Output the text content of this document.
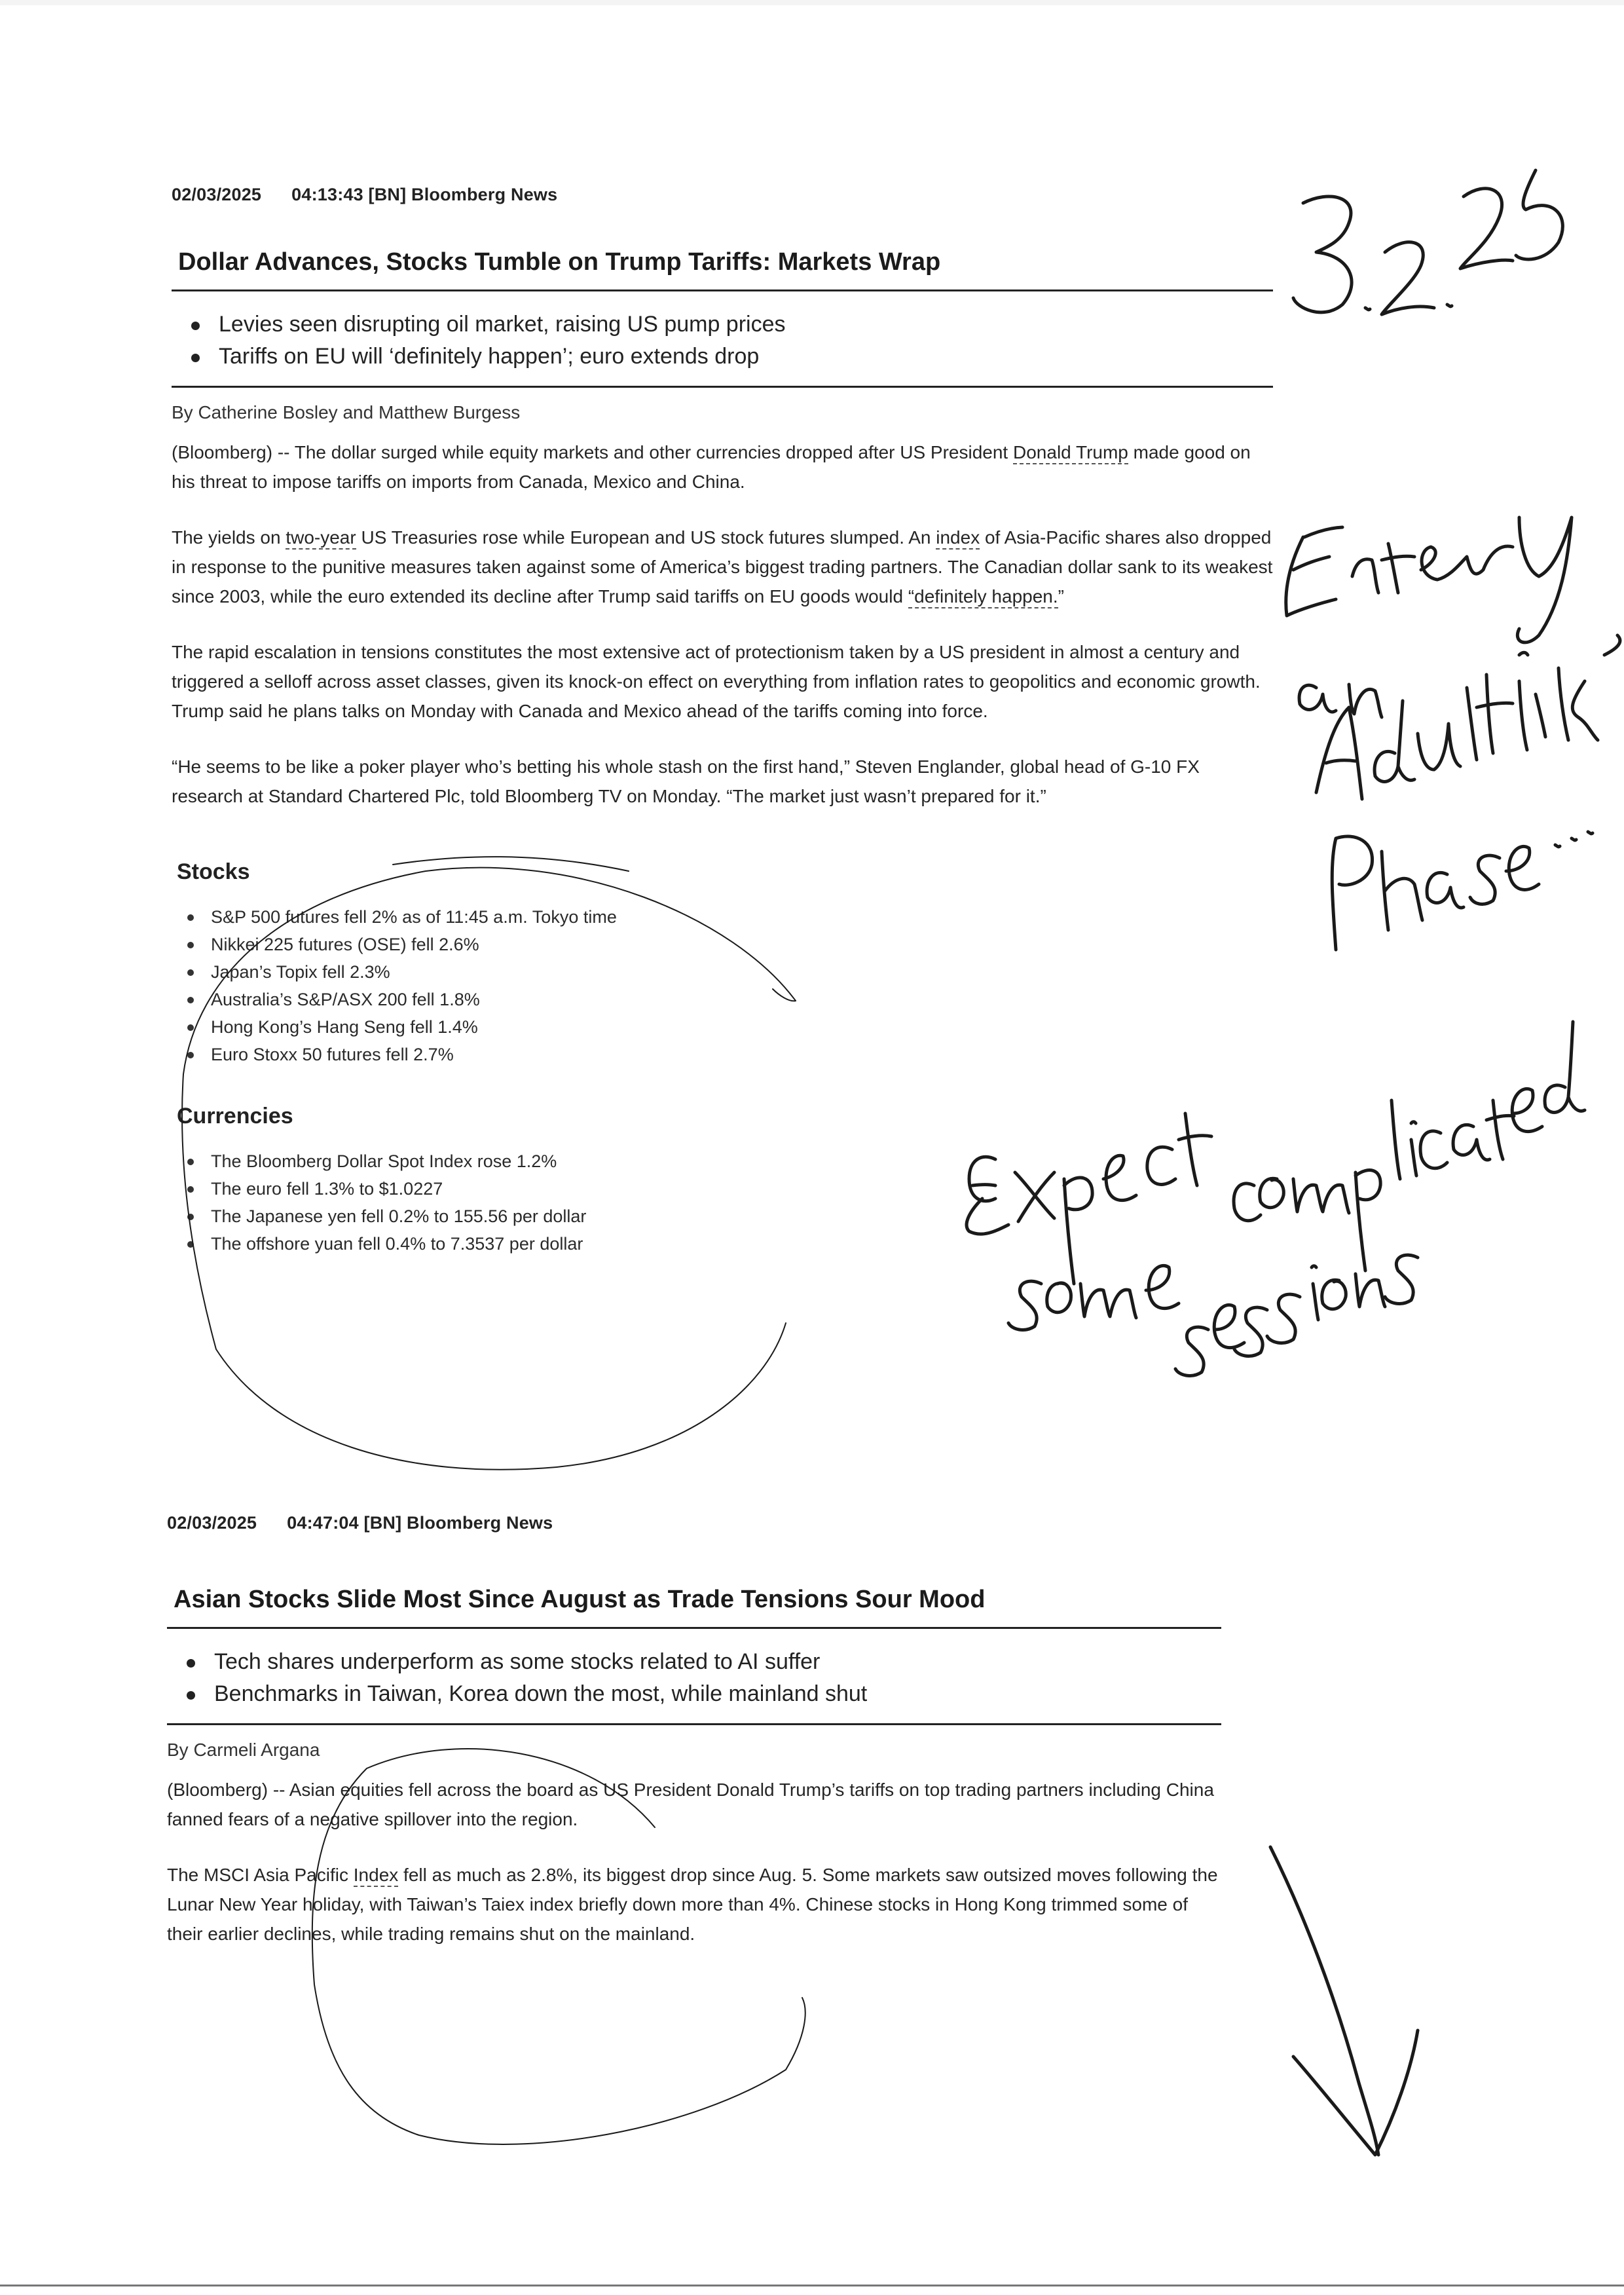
02/03/2025 04:13:43 [BN] Bloomberg News
Dollar Advances, Stocks Tumble on Trump Tariffs: Markets Wrap
Levies seen disrupting oil market, raising US pump prices
Tariffs on EU will ‘definitely happen’; euro extends drop
By Catherine Bosley and Matthew Burgess

(Bloomberg) -- The dollar surged while equity markets and other currencies dropped after US President Donald Trump made good on his threat to impose tariffs on imports from Canada, Mexico and China.

The yields on two-year US Treasuries rose while European and US stock futures slumped. An index of Asia-Pacific shares also dropped in response to the punitive measures taken against some of America’s biggest trading partners. The Canadian dollar sank to its weakest since 2003, while the euro extended its decline after Trump said tariffs on EU goods would “definitely happen.”

The rapid escalation in tensions constitutes the most extensive act of protectionism taken by a US president in almost a century and triggered a selloff across asset classes, given its knock-on effect on everything from inflation rates to geopolitics and economic growth. Trump said he plans talks on Monday with Canada and Mexico ahead of the tariffs coming into force.

“He seems to be like a poker player who’s betting his whole stash on the first hand,” Steven Englander, global head of G-10 FX research at Standard Chartered Plc, told Bloomberg TV on Monday. “The market just wasn’t prepared for it.”

Stocks
S&P 500 futures fell 2% as of 11:45 a.m. Tokyo time
Nikkei 225 futures (OSE) fell 2.6%
Japan’s Topix fell 2.3%
Australia’s S&P/ASX 200 fell 1.8%
Hong Kong’s Hang Seng fell 1.4%
Euro Stoxx 50 futures fell 2.7%
Currencies
The Bloomberg Dollar Spot Index rose 1.2%
The euro fell 1.3% to $1.0227
The Japanese yen fell 0.2% to 155.56 per dollar
The offshore yuan fell 0.4% to 7.3537 per dollar
02/03/2025 04:47:04 [BN] Bloomberg News
Asian Stocks Slide Most Since August as Trade Tensions Sour Mood
Tech shares underperform as some stocks related to AI suffer
Benchmarks in Taiwan, Korea down the most, while mainland shut
By Carmeli Argana

(Bloomberg) -- Asian equities fell across the board as US President Donald Trump’s tariffs on top trading partners including China fanned fears of a negative spillover into the region.

The MSCI Asia Pacific Index fell as much as 2.8%, its biggest drop since Aug. 5. Some markets saw outsized moves following the Lunar New Year holiday, with Taiwan’s Taiex index briefly down more than 4%. Chinese stocks in Hong Kong trimmed some of their earlier declines, while trading remains shut on the mainland.
